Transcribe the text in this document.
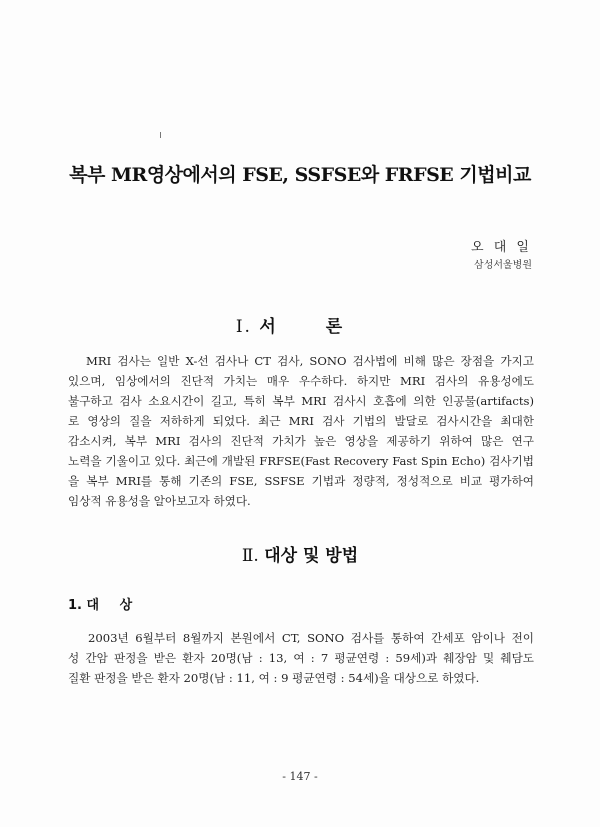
복부 MR영상에서의 FSE, SSFSE와 FRFSE 기법비교
오 대 일
삼성서울병원
Ⅰ. 서 론

MRI 검사는 일반 X-선 검사나 CT 검사, SONO 검사법에 비해 많은 장점을 가지고
있으며, 임상에서의 진단적 가치는 매우 우수하다. 하지만 MRI 검사의 유용성에도
불구하고 검사 소요시간이 길고, 특히 복부 MRI 검사시 호흡에 의한 인공물(artifacts)
로 영상의 질을 저하하게 되었다. 최근 MRI 검사 기법의 발달로 검사시간을 최대한
감소시켜, 복부 MRI 검사의 진단적 가치가 높은 영상을 제공하기 위하여 많은 연구
노력을 기울이고 있다. 최근에 개발된 FRFSE(Fast Recovery Fast Spin Echo) 검사기법
을 복부 MRI를 통해 기존의 FSE, SSFSE 기법과 정량적, 정성적으로 비교 평가하여
임상적 유용성을 알아보고자 하였다.

Ⅱ. 대상 및 방법
1. 대 상

2003년 6월부터 8월까지 본원에서 CT, SONO 검사를 통하여 간세포 암이나 전이
성 간암 판정을 받은 환자 20명(남 : 13, 여 : 7 평균연령 : 59세)과 췌장암 및 췌담도
질환 판정을 받은 환자 20명(남 : 11, 여 : 9 평균연령 : 54세)을 대상으로 하였다.

- 147 -
